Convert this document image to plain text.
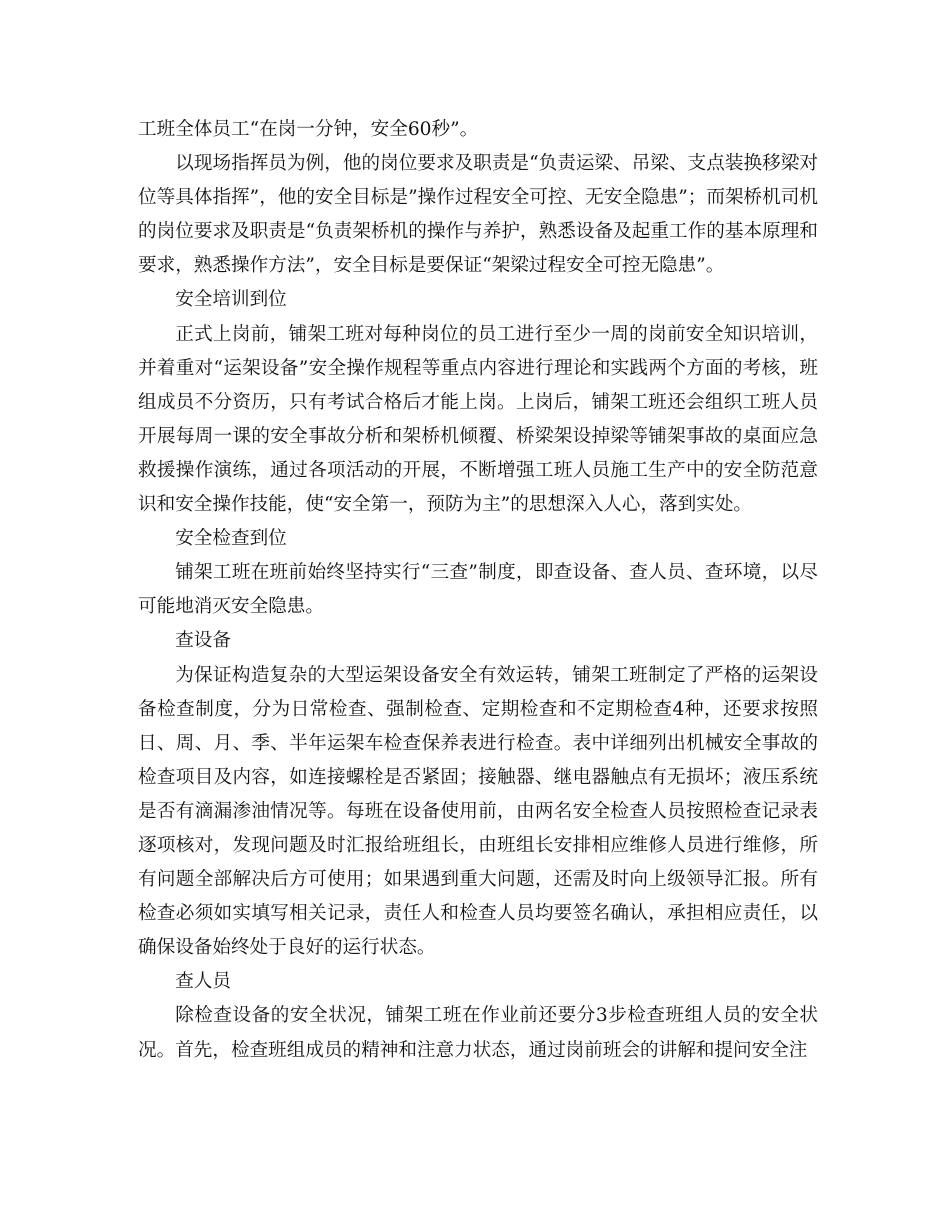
工班全体员工“在岗一分钟，安全60秒”。

以现场指挥员为例，他的岗位要求及职责是“负责运梁、吊梁、支点装换移梁对位等具体指挥”，他的安全目标是”操作过程安全可控、无安全隐患”；而架桥机司机的岗位要求及职责是“负责架桥机的操作与养护，熟悉设备及起重工作的基本原理和要求，熟悉操作方法”，安全目标是要保证“架梁过程安全可控无隐患”。

安全培训到位

正式上岗前，铺架工班对每种岗位的员工进行至少一周的岗前安全知识培训，并着重对“运架设备”安全操作规程等重点内容进行理论和实践两个方面的考核，班组成员不分资历，只有考试合格后才能上岗。上岗后，铺架工班还会组织工班人员开展每周一课的安全事故分析和架桥机倾覆、桥梁架设掉梁等铺架事故的桌面应急救援操作演练，通过各项活动的开展，不断增强工班人员施工生产中的安全防范意识和安全操作技能，使“安全第一，预防为主”的思想深入人心，落到实处。

安全检查到位

铺架工班在班前始终坚持实行“三查”制度，即查设备、查人员、查环境，以尽可能地消灭安全隐患。

查设备

为保证构造复杂的大型运架设备安全有效运转，铺架工班制定了严格的运架设备检查制度，分为日常检查、强制检查、定期检查和不定期检查4种，还要求按照日、周、月、季、半年运架车检查保养表进行检查。表中详细列出机械安全事故的检查项目及内容，如连接螺栓是否紧固；接触器、继电器触点有无损坏；液压系统是否有滴漏渗油情况等。每班在设备使用前，由两名安全检查人员按照检查记录表逐项核对，发现问题及时汇报给班组长，由班组长安排相应维修人员进行维修，所有问题全部解决后方可使用；如果遇到重大问题，还需及时向上级领导汇报。所有检查必须如实填写相关记录，责任人和检查人员均要签名确认，承担相应责任，以确保设备始终处于良好的运行状态。

查人员

除检查设备的安全状况，铺架工班在作业前还要分3步检查班组人员的安全状况。首先，检查班组成员的精神和注意力状态，通过岗前班会的讲解和提问安全注
